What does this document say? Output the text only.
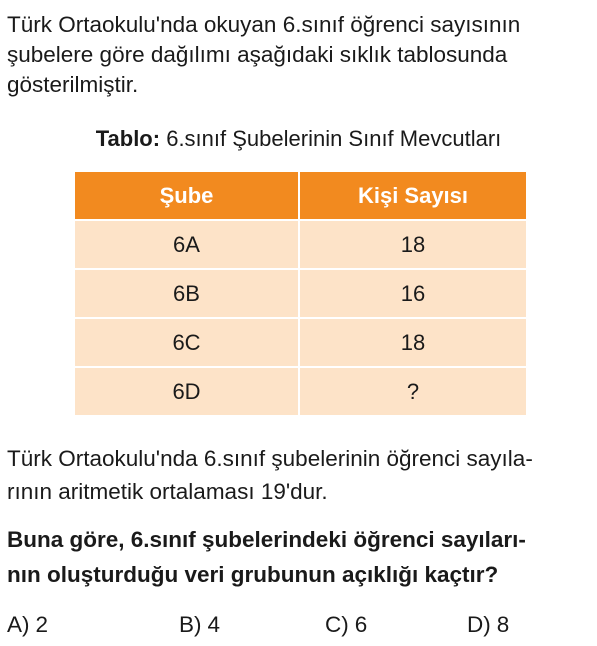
Türk Ortaokulu'nda okuyan 6.sınıf öğrenci sayısının
şubelere göre dağılımı aşağıdaki sıklık tablosunda
gösterilmiştir.

Tablo: 6.sınıf Şubelerinin Sınıf Mevcutları

Şube	Kişi Sayısı
6A	18
6B	16
6C	18
6D	?

Türk Ortaokulu'nda 6.sınıf şubelerinin öğrenci sayıla-
rının aritmetik ortalaması 19'dur.

Buna göre, 6.sınıf şubelerindeki öğrenci sayıları-
nın oluşturduğu veri grubunun açıklığı kaçtır?

A) 2	B) 4	C) 6	D) 8
